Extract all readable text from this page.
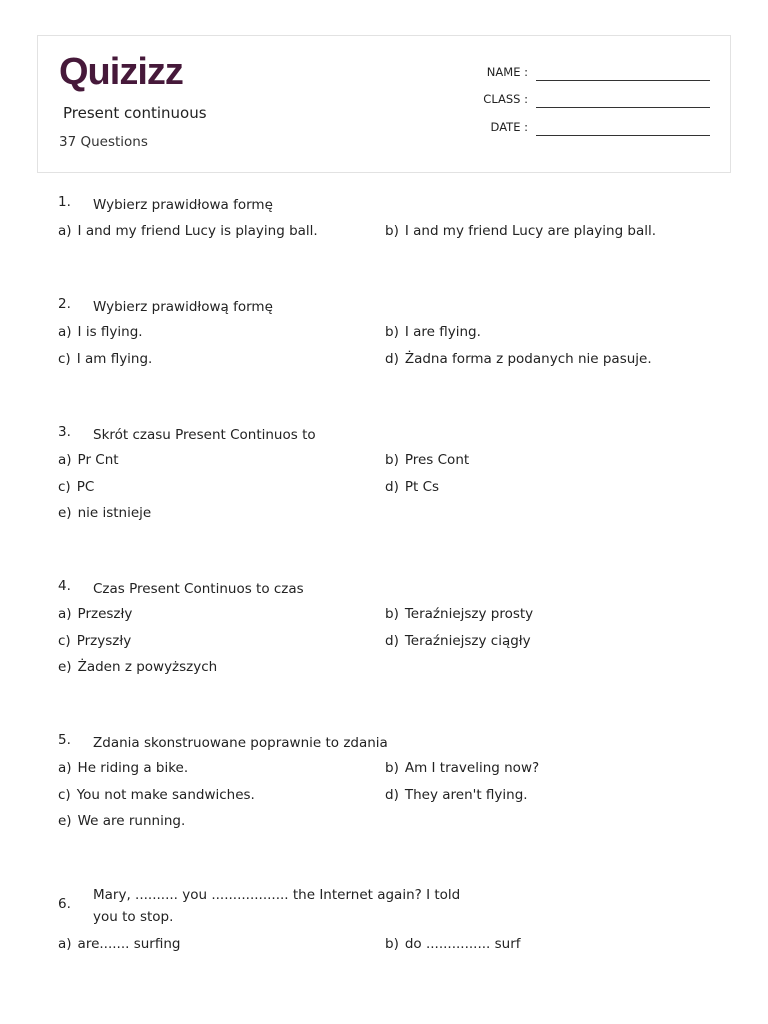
Quizizz
Present continuous
37 Questions
NAME :
CLASS :
DATE :
1. Wybierz prawidłowa formę
a) I and my friend Lucy is playing ball.	b) I and my friend Lucy are playing ball.
2. Wybierz prawidłową formę
a) I is flying.	b) I are flying.
c) I am flying.	d) Żadna forma z podanych nie pasuje.
3. Skrót czasu Present Continuos to
a) Pr Cnt	b) Pres Cont
c) PC	d) Pt Cs
e) nie istnieje
4. Czas Present Continuos to czas
a) Przeszły	b) Teraźniejszy prosty
c) Przyszły	d) Teraźniejszy ciągły
e) Żaden z powyższych
5. Zdania skonstruowane poprawnie to zdania
a) He riding a bike.	b) Am I traveling now?
c) You not make sandwiches.	d) They aren't flying.
e) We are running.
6.
Mary, .......... you .................. the Internet again? I told you to stop.
a) are....... surfing	b) do ............... surf
